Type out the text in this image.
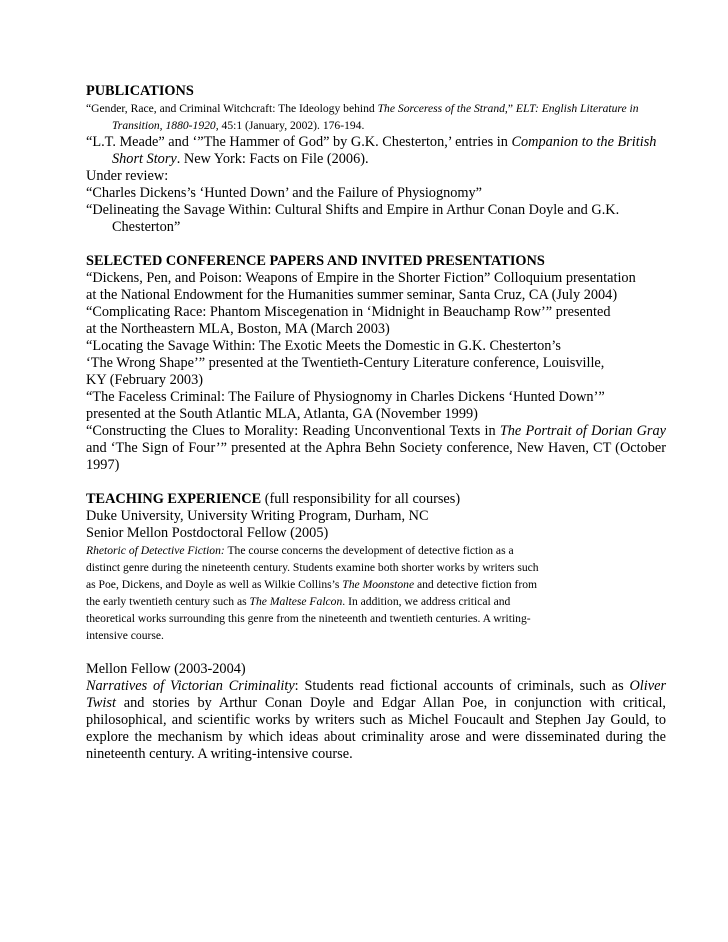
PUBLICATIONS
“Gender, Race, and Criminal Witchcraft: The Ideology behind The Sorceress of the Strand,” ELT: English Literature in Transition, 1880-1920, 45:1 (January, 2002). 176-194.
“L.T. Meade” and ‘”The Hammer of God” by G.K. Chesterton,’ entries in Companion to the British Short Story. New York: Facts on File (2006).
Under review:
“Charles Dickens’s ‘Hunted Down’ and the Failure of Physiognomy”
“Delineating the Savage Within: Cultural Shifts and Empire in Arthur Conan Doyle and G.K. Chesterton”
SELECTED CONFERENCE PAPERS AND INVITED PRESENTATIONS
“Dickens, Pen, and Poison: Weapons of Empire in the Shorter Fiction” Colloquium presentation
at the National Endowment for the Humanities summer seminar, Santa Cruz, CA (July 2004)
“Complicating Race: Phantom Miscegenation in ‘Midnight in Beauchamp Row’” presented
at the Northeastern MLA, Boston, MA (March 2003)
“Locating the Savage Within: The Exotic Meets the Domestic in G.K. Chesterton’s
‘The Wrong Shape’” presented at the Twentieth-Century Literature conference, Louisville,
KY (February 2003)
“The Faceless Criminal: The Failure of Physiognomy in Charles Dickens ‘Hunted Down’”
presented at the South Atlantic MLA, Atlanta, GA (November 1999)
“Constructing the Clues to Morality: Reading Unconventional Texts in The Portrait of Dorian Gray and ‘The Sign of Four’” presented at the Aphra Behn Society conference, New Haven, CT (October 1997)
TEACHING EXPERIENCE (full responsibility for all courses)
Duke University, University Writing Program, Durham, NC
Senior Mellon Postdoctoral Fellow (2005)
Rhetoric of Detective Fiction: The course concerns the development of detective fiction as a
distinct genre during the nineteenth century. Students examine both shorter works by writers such
as Poe, Dickens, and Doyle as well as Wilkie Collins’s The Moonstone and detective fiction from
the early twentieth century such as The Maltese Falcon. In addition, we address critical and
theoretical works surrounding this genre from the nineteenth and twentieth centuries. A writing-
intensive course.
Mellon Fellow (2003-2004)
Narratives of Victorian Criminality: Students read fictional accounts of criminals, such as Oliver Twist and stories by Arthur Conan Doyle and Edgar Allan Poe, in conjunction with critical, philosophical, and scientific works by writers such as Michel Foucault and Stephen Jay Gould, to explore the mechanism by which ideas about criminality arose and were disseminated during the nineteenth century. A writing-intensive course.
